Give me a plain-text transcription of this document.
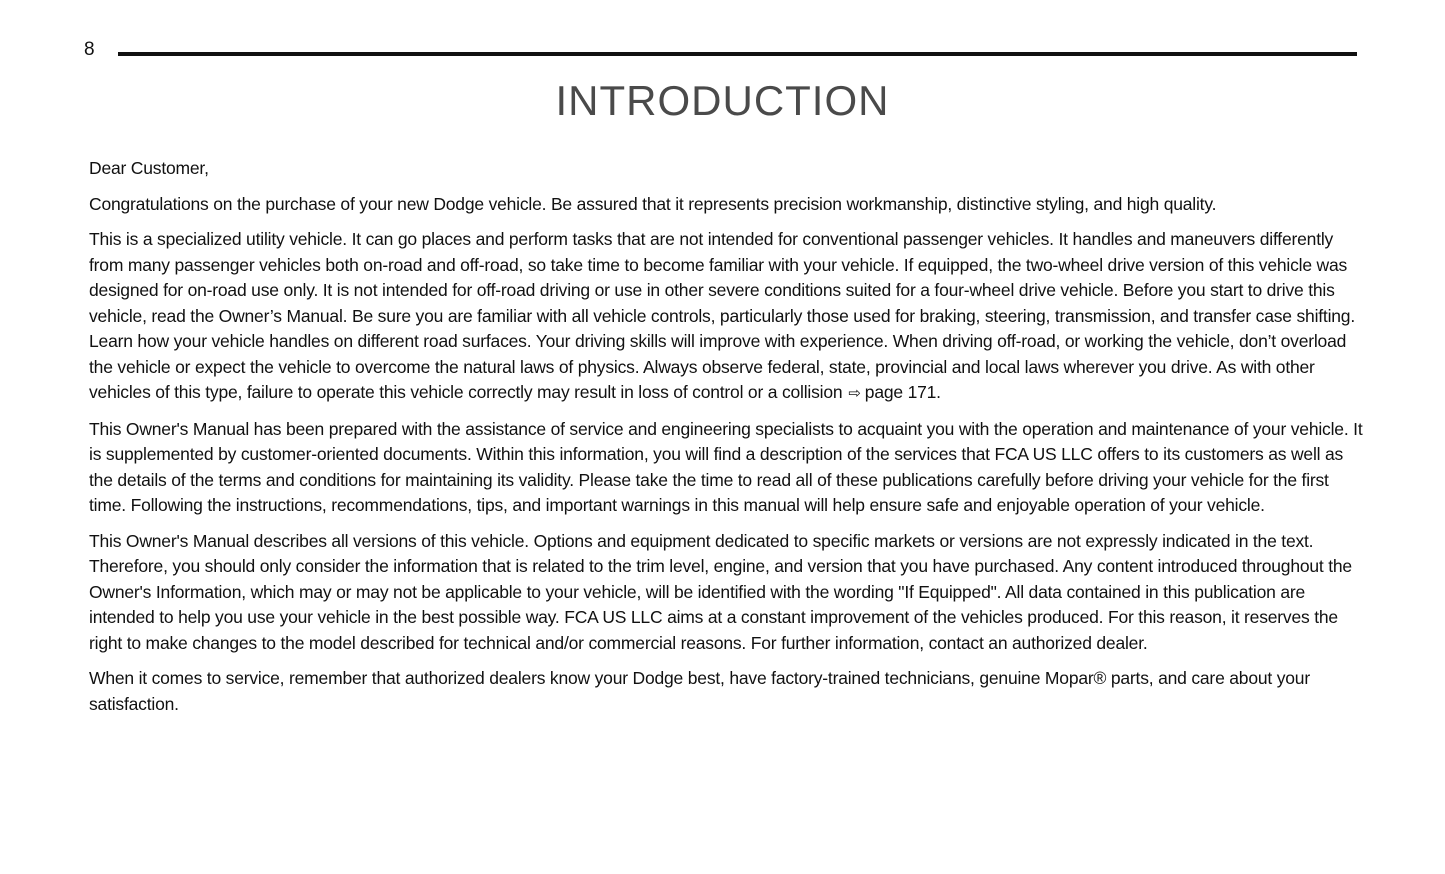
8
INTRODUCTION

Dear Customer,

Congratulations on the purchase of your new Dodge vehicle. Be assured that it represents precision workmanship, distinctive styling, and high quality.

This is a specialized utility vehicle. It can go places and perform tasks that are not intended for conventional passenger vehicles. It handles and maneuvers differently from many passenger vehicles both on-road and off-road, so take time to become familiar with your vehicle. If equipped, the two-wheel drive version of this vehicle was designed for on-road use only. It is not intended for off-road driving or use in other severe conditions suited for a four-wheel drive vehicle. Before you start to drive this vehicle, read the Owner’s Manual. Be sure you are familiar with all vehicle controls, particularly those used for braking, steering, transmission, and transfer case shifting. Learn how your vehicle handles on different road surfaces. Your driving skills will improve with experience. When driving off-road, or working the vehicle, don’t overload the vehicle or expect the vehicle to overcome the natural laws of physics. Always observe federal, state, provincial and local laws wherever you drive. As with other vehicles of this type, failure to operate this vehicle correctly may result in loss of control or a collision ⇨ page 171.

This Owner's Manual has been prepared with the assistance of service and engineering specialists to acquaint you with the operation and maintenance of your vehicle. It is supplemented by customer-oriented documents. Within this information, you will find a description of the services that FCA US LLC offers to its customers as well as the details of the terms and conditions for maintaining its validity. Please take the time to read all of these publications carefully before driving your vehicle for the first time. Following the instructions, recommendations, tips, and important warnings in this manual will help ensure safe and enjoyable operation of your vehicle.

This Owner's Manual describes all versions of this vehicle. Options and equipment dedicated to specific markets or versions are not expressly indicated in the text. Therefore, you should only consider the information that is related to the trim level, engine, and version that you have purchased. Any content introduced throughout the Owner's Information, which may or may not be applicable to your vehicle, will be identified with the wording "If Equipped". All data contained in this publication are intended to help you use your vehicle in the best possible way. FCA US LLC aims at a constant improvement of the vehicles produced. For this reason, it reserves the right to make changes to the model described for technical and/or commercial reasons. For further information, contact an authorized dealer.

When it comes to service, remember that authorized dealers know your Dodge best, have factory-trained technicians, genuine Mopar® parts, and care about your satisfaction.
